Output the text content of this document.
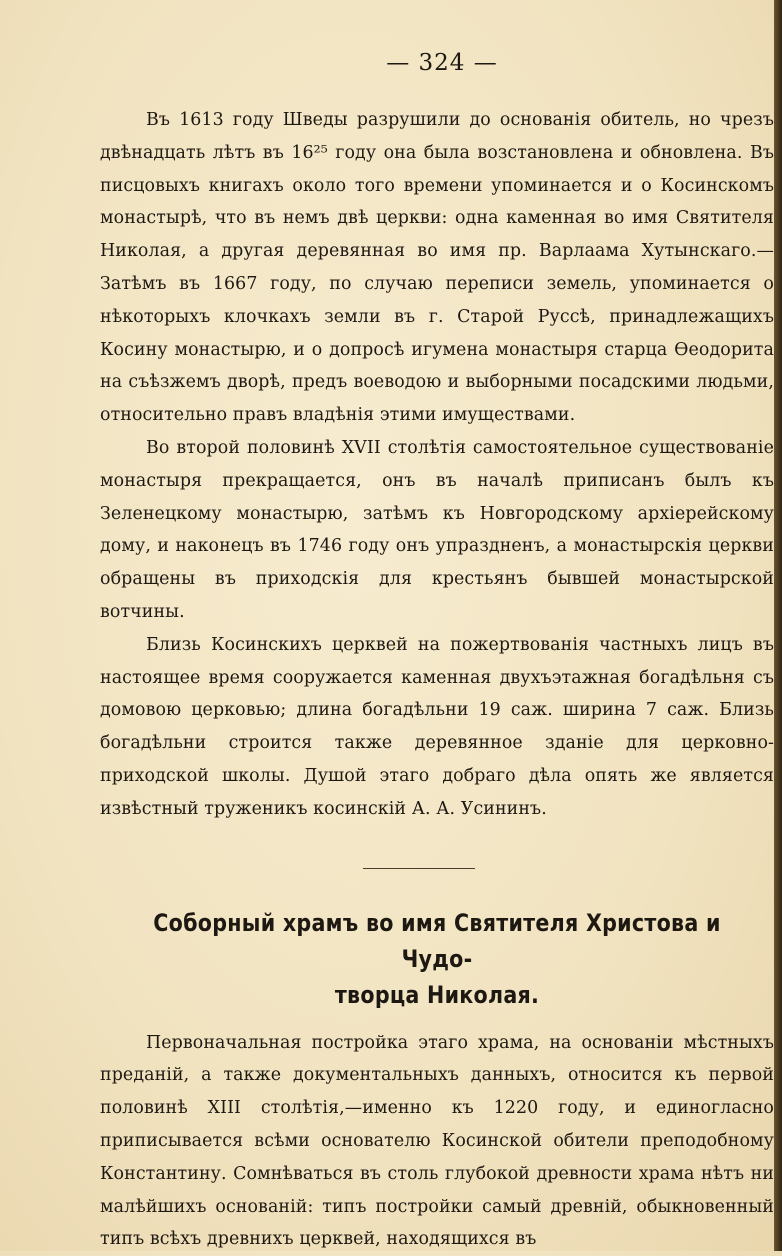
— 324 —

Въ 1613 году Шведы разрушили до основанія обитель, но чрезъ двѣнадцать лѣтъ въ 16²⁵ году она была возстановлена и обновлена. Въ писцовыхъ книгахъ около того времени упоминается и о Косинскомъ монастырѣ, что въ немъ двѣ церкви: одна каменная во имя Святителя Николая, а другая деревянная во имя пр. Варлаама Хутынскаго.—Затѣмъ въ 1667 году, по случаю переписи земель, упоминается о нѣкоторыхъ клочкахъ земли въ г. Старой Руссѣ, принадлежащихъ Косину монастырю, и о допросѣ игумена монастыря старца Ѳеодорита на съѣзжемъ дворѣ, предъ воеводою и выборными посадскими людьми, относительно правъ владѣнія этими имуществами.

Во второй половинѣ XVII столѣтія самостоятельное существованіе монастыря прекращается, онъ въ началѣ приписанъ былъ къ Зеленецкому монастырю, затѣмъ къ Новгородскому архіерейскому дому, и наконецъ въ 1746 году онъ упраздненъ, а монастырскія церкви обращены въ приходскія для крестьянъ бывшей монастырской вотчины.

Близь Косинскихъ церквей на пожертвованія частныхъ лицъ въ настоящее время сооружается каменная двухъэтажная богадѣльня съ домовою церковью; длина богадѣльни 19 саж. ширина 7 саж. Близь богадѣльни строится также деревянное зданіе для церковно-приходской школы. Душой этаго добраго дѣла опять же является извѣстный труженикъ косинскій А. А. Усининъ.

Соборный храмъ во имя Святителя Христова и Чудо-
творца Николая.

Первоначальная постройка этаго храма, на основаніи мѣстныхъ преданій, а также документальныхъ данныхъ, относится къ первой половинѣ XIII столѣтія,—именно къ 1220 году, и единогласно приписывается всѣми основателю Косинской обители преподобному Константину. Сомнѣваться въ столь глубокой древности храма нѣтъ ни малѣйшихъ основаній: типъ постройки самый древній, обыкновенный типъ всѣхъ древнихъ церквей, находящихся въ
